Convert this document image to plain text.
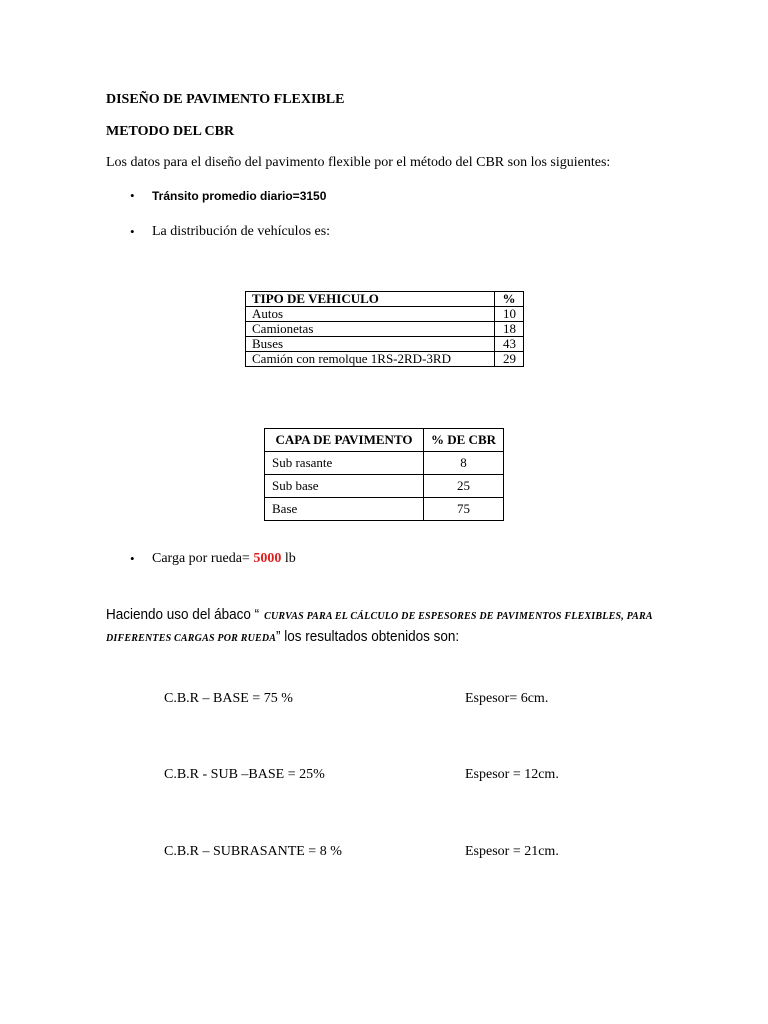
DISEÑO DE PAVIMENTO FLEXIBLE
METODO DEL CBR
Los datos para el diseño del pavimento flexible por el método del CBR son los siguientes:
• Tránsito promedio diario=3150
• La distribución de vehículos es:
TIPO DE VEHICULO	%
Autos	10
Camionetas	18
Buses	43
Camión con remolque 1RS-2RD-3RD	29
CAPA DE PAVIMENTO	% DE CBR
Sub rasante	8
Sub base	25
Base	75
• Carga por rueda= 5000 lb
Haciendo uso del ábaco “ CURVAS PARA EL CÁLCULO DE ESPESORES DE PAVIMENTOS FLEXIBLES, PARA
DIFERENTES CARGAS POR RUEDA” los resultados obtenidos son:
C.B.R – BASE = 75 %	Espesor= 6cm.
C.B.R - SUB –BASE = 25%	Espesor = 12cm.
C.B.R – SUBRASANTE = 8 %	Espesor = 21cm.
